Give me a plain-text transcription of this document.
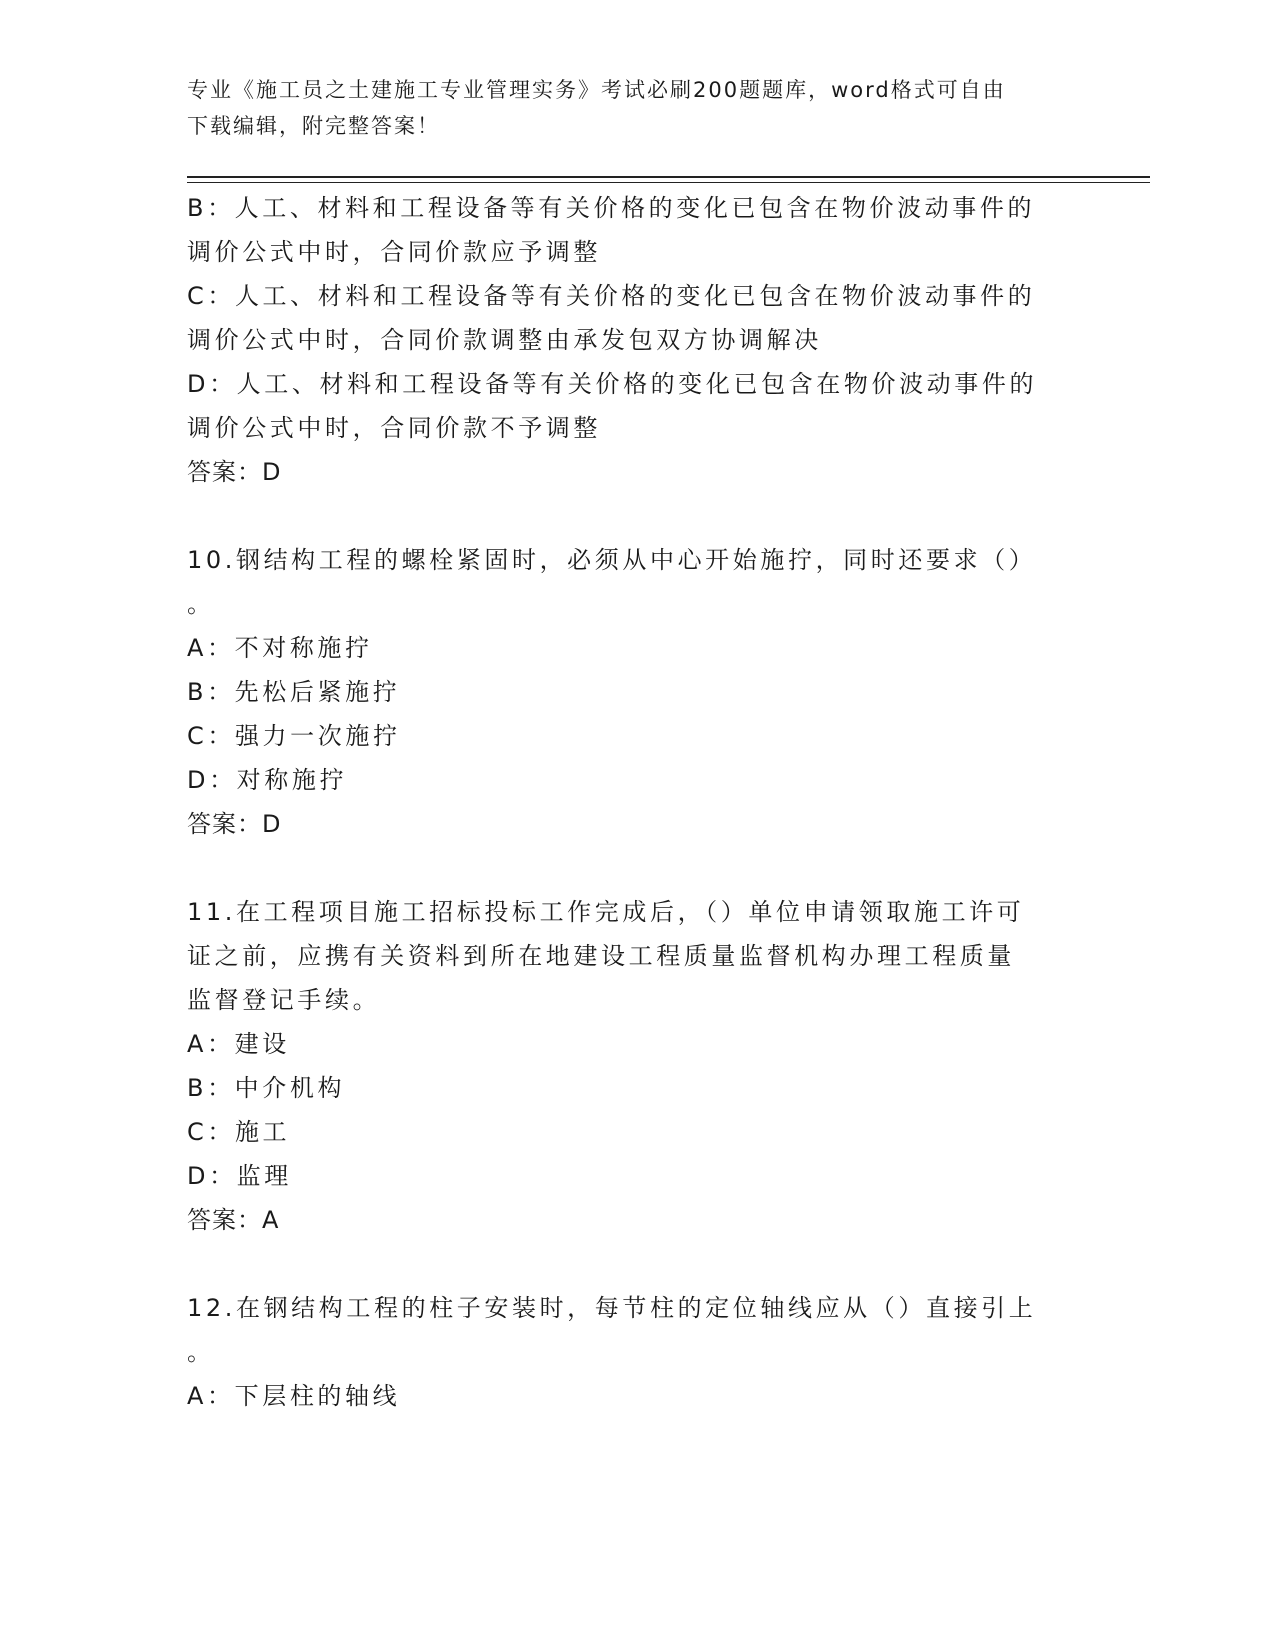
专业《施工员之土建施工专业管理实务》考试必刷200题题库，word格式可自由
下载编辑，附完整答案！
B：人工、材料和工程设备等有关价格的变化已包含在物价波动事件的
调价公式中时，合同价款应予调整
C：人工、材料和工程设备等有关价格的变化已包含在物价波动事件的
调价公式中时，合同价款调整由承发包双方协调解决
D：人工、材料和工程设备等有关价格的变化已包含在物价波动事件的
调价公式中时，合同价款不予调整
答案：D
10.钢结构工程的螺栓紧固时，必须从中心开始施拧，同时还要求（）
。
A：不对称施拧
B：先松后紧施拧
C：强力一次施拧
D：对称施拧
答案：D
11.在工程项目施工招标投标工作完成后，（）单位申请领取施工许可
证之前，应携有关资料到所在地建设工程质量监督机构办理工程质量
监督登记手续。
A：建设
B：中介机构
C：施工
D：监理
答案：A
12.在钢结构工程的柱子安装时，每节柱的定位轴线应从（）直接引上
。
A：下层柱的轴线
